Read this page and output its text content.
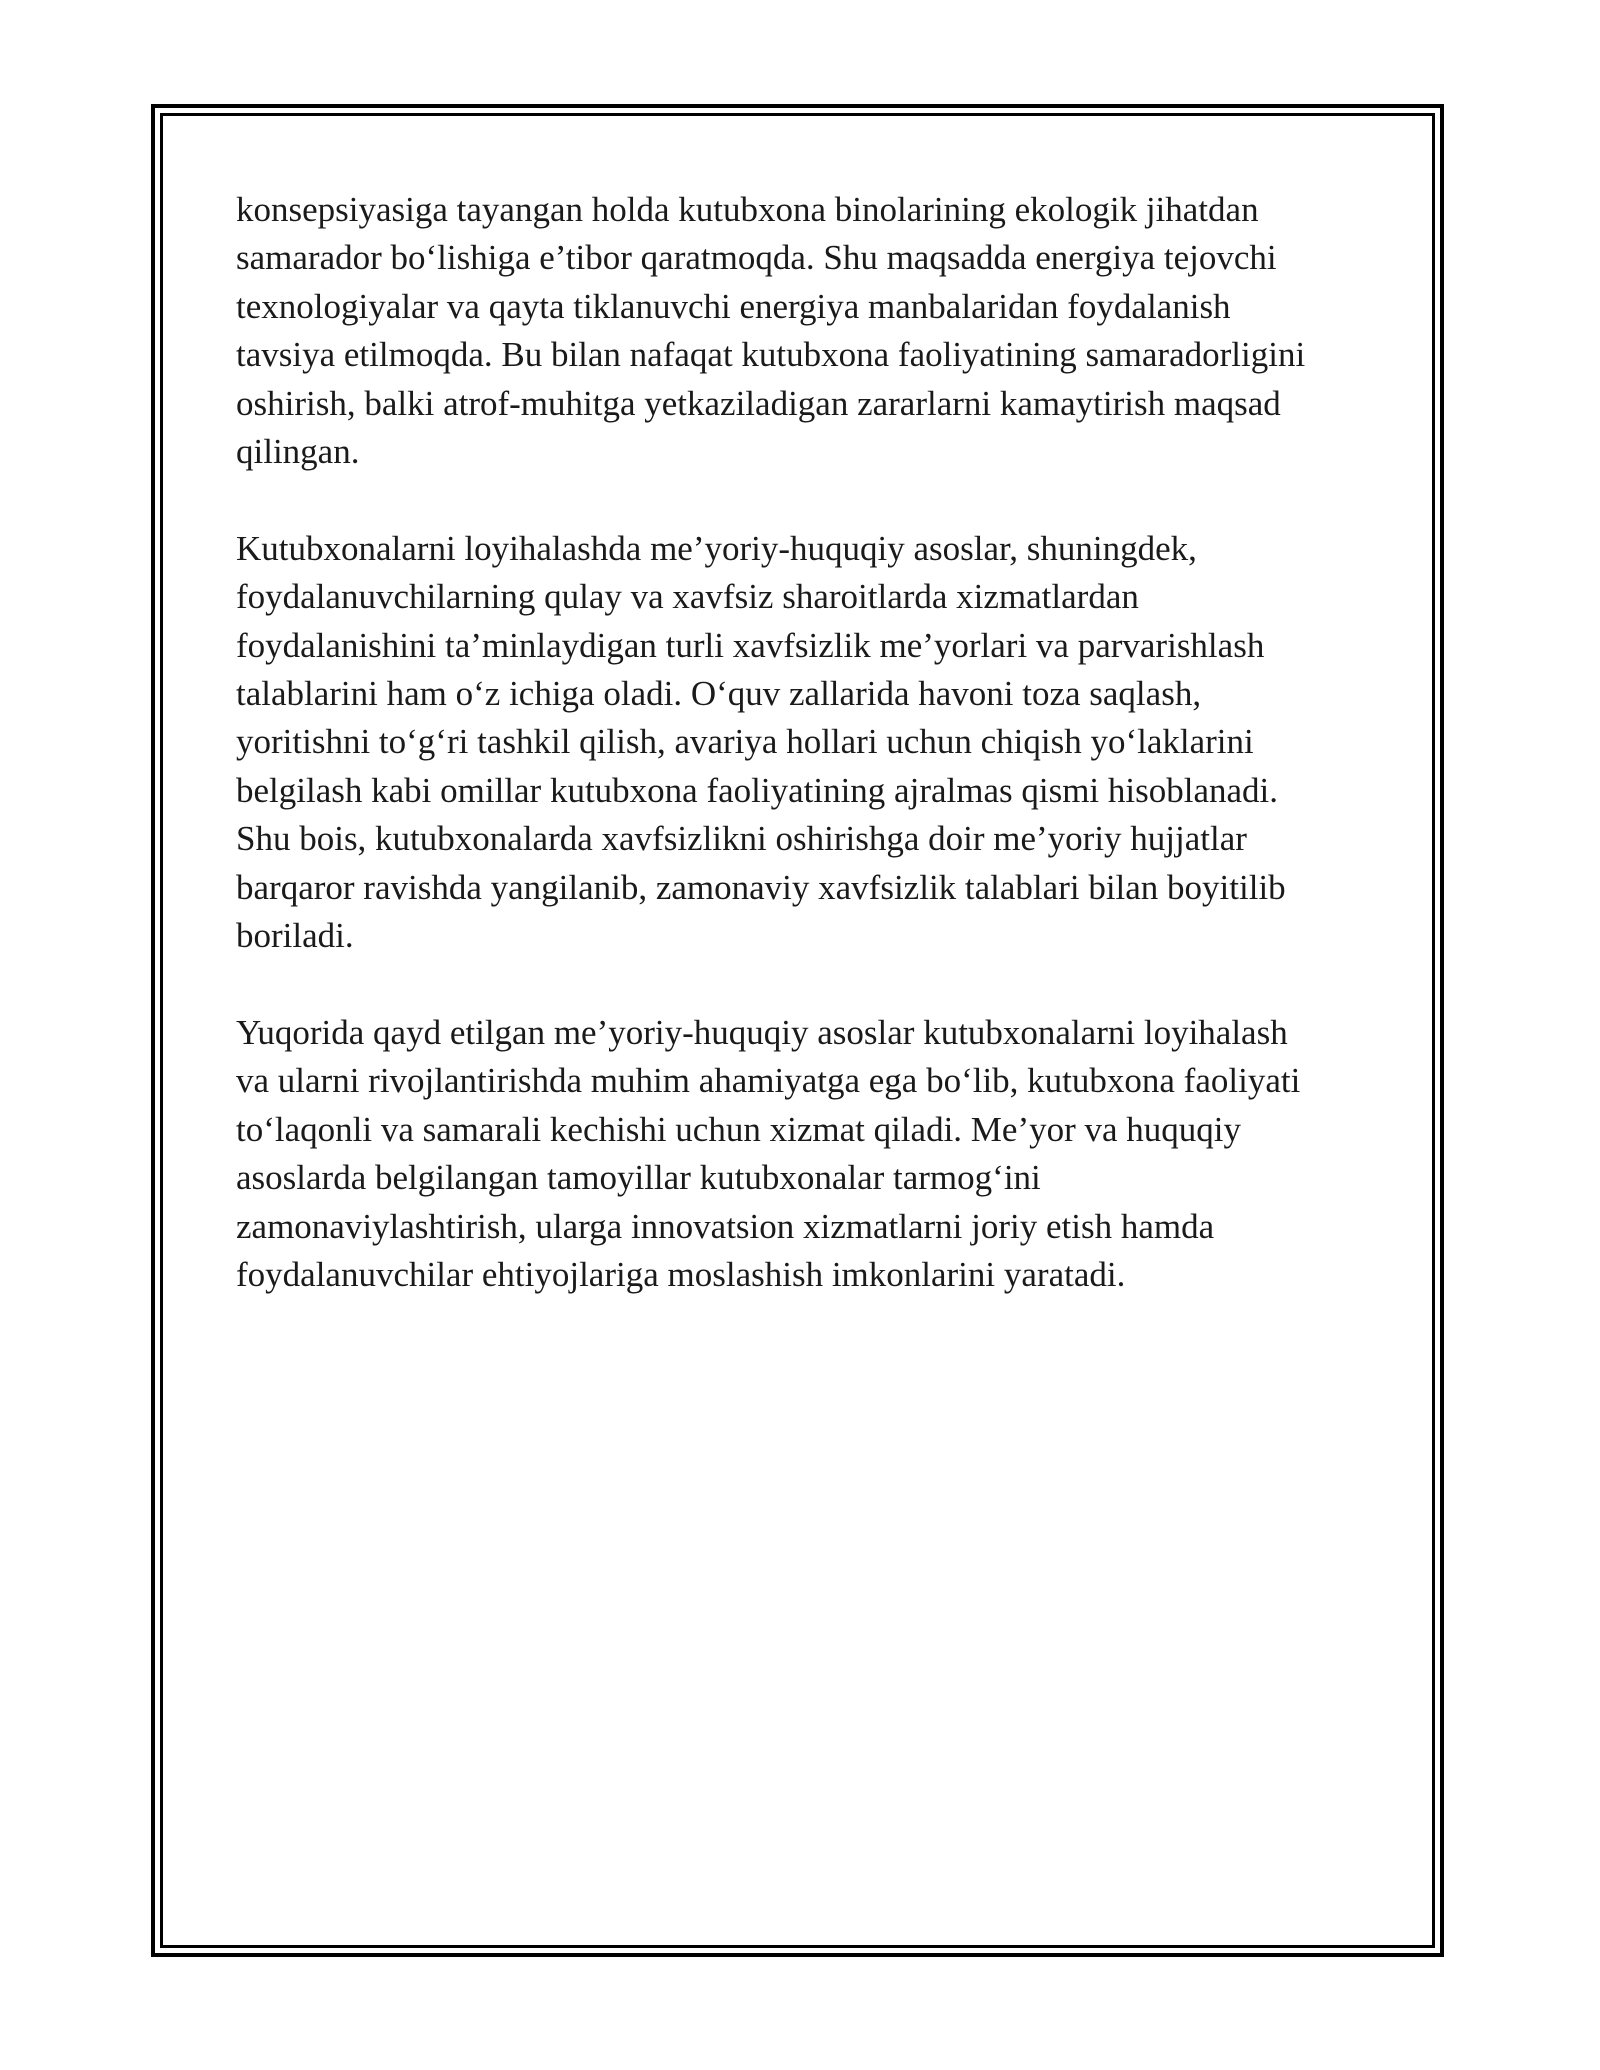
konsepsiyasiga tayangan holda kutubxona binolarining ekologik jihatdan
samarador bo‘lishiga e’tibor qaratmoqda. Shu maqsadda energiya tejovchi
texnologiyalar va qayta tiklanuvchi energiya manbalaridan foydalanish
tavsiya etilmoqda. Bu bilan nafaqat kutubxona faoliyatining samaradorligini
oshirish, balki atrof-muhitga yetkaziladigan zararlarni kamaytirish maqsad
qilingan.

Kutubxonalarni loyihalashda me’yoriy-huquqiy asoslar, shuningdek,
foydalanuvchilarning qulay va xavfsiz sharoitlarda xizmatlardan
foydalanishini ta’minlaydigan turli xavfsizlik me’yorlari va parvarishlash
talablarini ham o‘z ichiga oladi. O‘quv zallarida havoni toza saqlash,
yoritishni to‘g‘ri tashkil qilish, avariya hollari uchun chiqish yo‘laklarini
belgilash kabi omillar kutubxona faoliyatining ajralmas qismi hisoblanadi.
Shu bois, kutubxonalarda xavfsizlikni oshirishga doir me’yoriy hujjatlar
barqaror ravishda yangilanib, zamonaviy xavfsizlik talablari bilan boyitilib
boriladi.

Yuqorida qayd etilgan me’yoriy-huquqiy asoslar kutubxonalarni loyihalash
va ularni rivojlantirishda muhim ahamiyatga ega bo‘lib, kutubxona faoliyati
to‘laqonli va samarali kechishi uchun xizmat qiladi. Me’yor va huquqiy
asoslarda belgilangan tamoyillar kutubxonalar tarmog‘ini
zamonaviylashtirish, ularga innovatsion xizmatlarni joriy etish hamda
foydalanuvchilar ehtiyojlariga moslashish imkonlarini yaratadi.
